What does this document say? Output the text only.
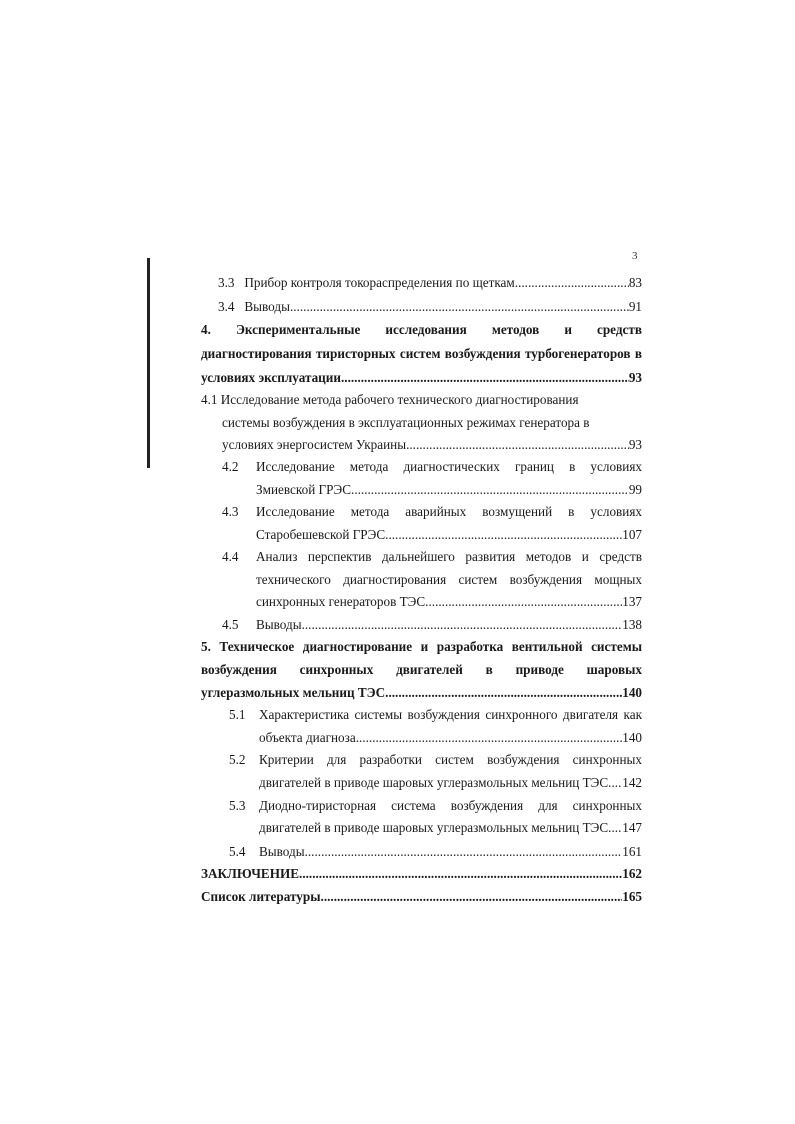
3
3.3
Прибор контроля токораспределения по щеткам .....	83
3.4
Выводы .....	91
4. Экспериментальные исследования методов и средств
диагностирования тиристорных систем возбуждения турбогенераторов в
условиях эксплуатации .....	93
4.1 Исследование метода рабочего технического диагностирования
системы возбуждения в эксплуатационных режимах генератора в
условиях энергосистем Украины .....	93
4.2	Исследование метода диагностических границ в условиях
Змиевской ГРЭС .....	99
4.3	Исследование метода аварийных возмущений в условиях
Старобешевской ГРЭС .....	107
4.4	Анализ перспектив дальнейшего развития методов и средств
технического диагностирования систем возбуждения мощных
синхронных генераторов ТЭС .....	137
4.5	Выводы .....	138
5. Техническое диагностирование и разработка вентильной системы
возбуждения синхронных двигателей в приводе шаровых
углеразмольных мельниц ТЭС .....	140
5.1	Характеристика системы возбуждения синхронного двигателя как
объекта диагноза .....	140
5.2	Критерии для разработки систем возбуждения синхронных
двигателей в приводе шаровых углеразмольных мельниц ТЭС ..... 142
5.3	Диодно-тиристорная система возбуждения для синхронных
двигателей в приводе шаровых углеразмольных мельниц ТЭС ..... 147
5.4	Выводы .....	161
ЗАКЛЮЧЕНИЕ .....	162
Список литературы .....	165
